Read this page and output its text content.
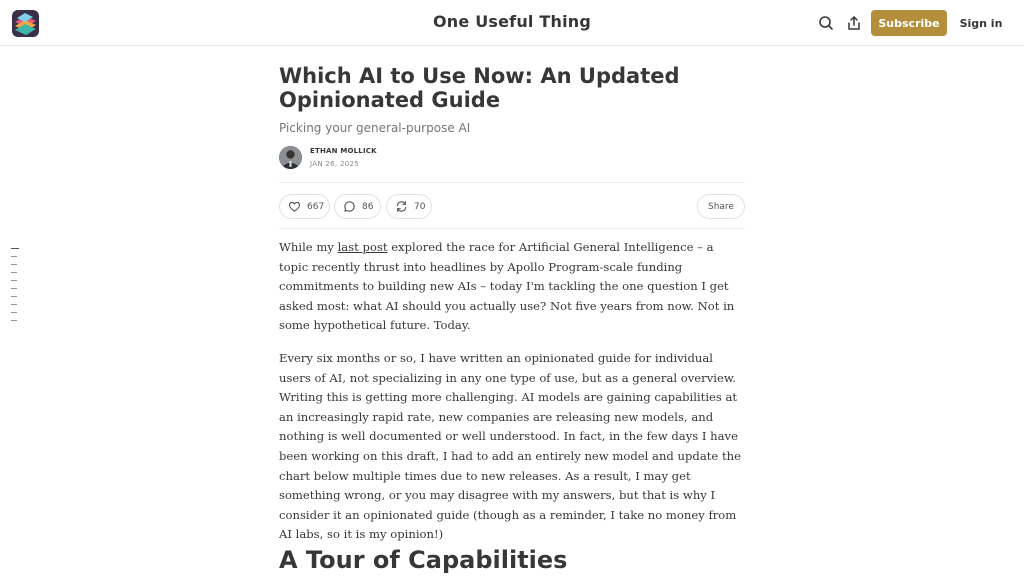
One Useful Thing	Subscribe	Sign in
Which AI to Use Now: An Updated Opinionated Guide
Picking your general-purpose AI
ETHAN MOLLICK
JAN 26, 2025
667	86	70	Share

While my last post explored the race for Artificial General Intelligence – a topic recently thrust into headlines by Apollo Program-scale funding commitments to building new AIs – today I'm tackling the one question I get asked most: what AI should you actually use? Not five years from now. Not in some hypothetical future. Today.

Every six months or so, I have written an opinionated guide for individual users of AI, not specializing in any one type of use, but as a general overview. Writing this is getting more challenging. AI models are gaining capabilities at an increasingly rapid rate, new companies are releasing new models, and nothing is well documented or well understood. In fact, in the few days I have been working on this draft, I had to add an entirely new model and update the chart below multiple times due to new releases. As a result, I may get something wrong, or you may disagree with my answers, but that is why I consider it an opinionated guide (though as a reminder, I take no money from AI labs, so it is my opinion!)

A Tour of Capabilities
